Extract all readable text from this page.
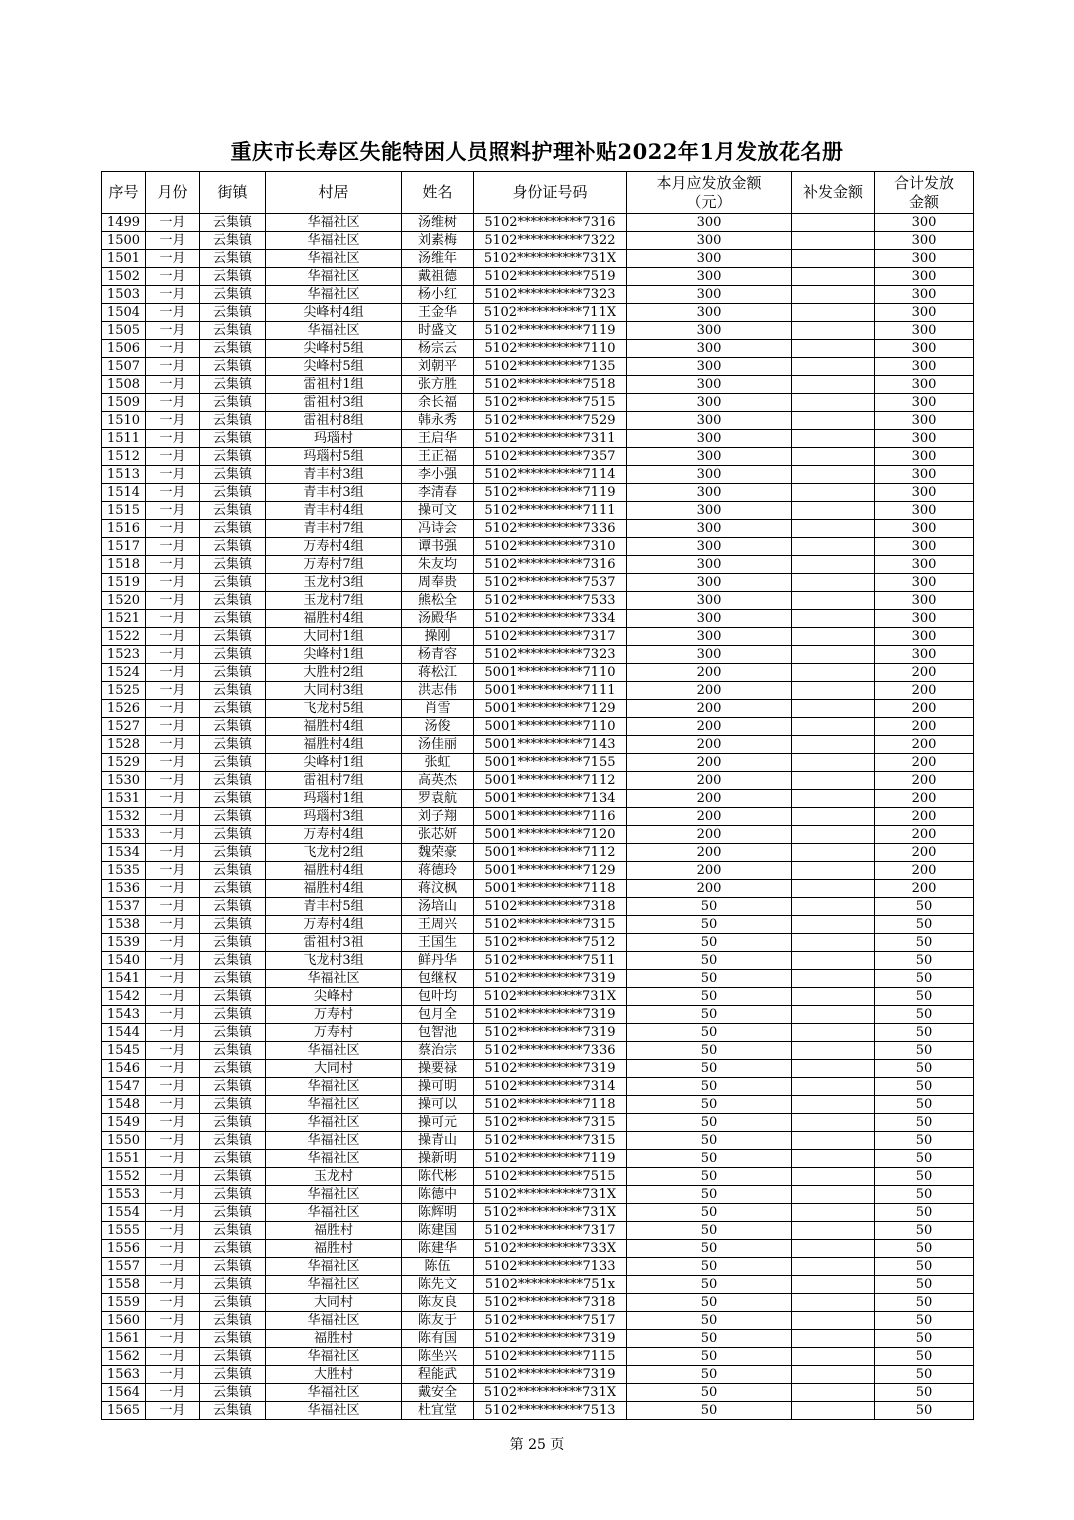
重庆市长寿区失能特困人员照料护理补贴2022年1月发放花名册
序号	月份	街镇	村居	姓名	身份证号码	本月应发放金额（元）	补发金额	合计发放金额
1499	一月	云集镇	华福社区	汤维树	5102**********7316	300		300
1500	一月	云集镇	华福社区	刘素梅	5102**********7322	300		300
1501	一月	云集镇	华福社区	汤维年	5102**********731X	300		300
1502	一月	云集镇	华福社区	戴祖德	5102**********7519	300		300
1503	一月	云集镇	华福社区	杨小红	5102**********7323	300		300
1504	一月	云集镇	尖峰村4组	王金华	5102**********711X	300		300
1505	一月	云集镇	华福社区	时盛文	5102**********7119	300		300
1506	一月	云集镇	尖峰村5组	杨宗云	5102**********7110	300		300
1507	一月	云集镇	尖峰村5组	刘朝平	5102**********7135	300		300
1508	一月	云集镇	雷祖村1组	张方胜	5102**********7518	300		300
1509	一月	云集镇	雷祖村3组	余长福	5102**********7515	300		300
1510	一月	云集镇	雷祖村8组	韩永秀	5102**********7529	300		300
1511	一月	云集镇	玛瑙村	王启华	5102**********7311	300		300
1512	一月	云集镇	玛瑙村5组	王正福	5102**********7357	300		300
1513	一月	云集镇	青丰村3组	李小强	5102**********7114	300		300
1514	一月	云集镇	青丰村3组	李清春	5102**********7119	300		300
1515	一月	云集镇	青丰村4组	操可文	5102**********7111	300		300
1516	一月	云集镇	青丰村7组	冯诗会	5102**********7336	300		300
1517	一月	云集镇	万寿村4组	谭书强	5102**********7310	300		300
1518	一月	云集镇	万寿村7组	朱友均	5102**********7316	300		300
1519	一月	云集镇	玉龙村3组	周奉贵	5102**********7537	300		300
1520	一月	云集镇	玉龙村7组	熊松全	5102**********7533	300		300
1521	一月	云集镇	福胜村4组	汤殿华	5102**********7334	300		300
1522	一月	云集镇	大同村1组	操刚	5102**********7317	300		300
1523	一月	云集镇	尖峰村1组	杨青容	5102**********7323	300		300
1524	一月	云集镇	大胜村2组	蒋松江	5001**********7110	200		200
1525	一月	云集镇	大同村3组	洪志伟	5001**********7111	200		200
1526	一月	云集镇	飞龙村5组	肖雪	5001**********7129	200		200
1527	一月	云集镇	福胜村4组	汤俊	5001**********7110	200		200
1528	一月	云集镇	福胜村4组	汤佳丽	5001**********7143	200		200
1529	一月	云集镇	尖峰村1组	张虹	5001**********7155	200		200
1530	一月	云集镇	雷祖村7组	高英杰	5001**********7112	200		200
1531	一月	云集镇	玛瑙村1组	罗袁航	5001**********7134	200		200
1532	一月	云集镇	玛瑙村3组	刘子翔	5001**********7116	200		200
1533	一月	云集镇	万寿村4组	张芯妍	5001**********7120	200		200
1534	一月	云集镇	飞龙村2组	魏荣豪	5001**********7112	200		200
1535	一月	云集镇	福胜村4组	蒋德玲	5001**********7129	200		200
1536	一月	云集镇	福胜村4组	蒋汶枫	5001**********7118	200		200
1537	一月	云集镇	青丰村5组	汤培山	5102**********7318	50		50
1538	一月	云集镇	万寿村4组	王周兴	5102**********7315	50		50
1539	一月	云集镇	雷祖村3祖	王国生	5102**********7512	50		50
1540	一月	云集镇	飞龙村3组	鲜丹华	5102**********7511	50		50
1541	一月	云集镇	华福社区	包继权	5102**********7319	50		50
1542	一月	云集镇	尖峰村	包叶均	5102**********731X	50		50
1543	一月	云集镇	万寿村	包月全	5102**********7319	50		50
1544	一月	云集镇	万寿村	包智池	5102**********7319	50		50
1545	一月	云集镇	华福社区	蔡治宗	5102**********7336	50		50
1546	一月	云集镇	大同村	操要禄	5102**********7319	50		50
1547	一月	云集镇	华福社区	操可明	5102**********7314	50		50
1548	一月	云集镇	华福社区	操可以	5102**********7118	50		50
1549	一月	云集镇	华福社区	操可元	5102**********7315	50		50
1550	一月	云集镇	华福社区	操青山	5102**********7315	50		50
1551	一月	云集镇	华福社区	操新明	5102**********7119	50		50
1552	一月	云集镇	玉龙村	陈代彬	5102**********7515	50		50
1553	一月	云集镇	华福社区	陈德中	5102**********731X	50		50
1554	一月	云集镇	华福社区	陈辉明	5102**********731X	50		50
1555	一月	云集镇	福胜村	陈建国	5102**********7317	50		50
1556	一月	云集镇	福胜村	陈建华	5102**********733X	50		50
1557	一月	云集镇	华福社区	陈伍	5102**********7133	50		50
1558	一月	云集镇	华福社区	陈先文	5102**********751x	50		50
1559	一月	云集镇	大同村	陈友良	5102**********7318	50		50
1560	一月	云集镇	华福社区	陈友于	5102**********7517	50		50
1561	一月	云集镇	福胜村	陈有国	5102**********7319	50		50
1562	一月	云集镇	华福社区	陈坐兴	5102**********7115	50		50
1563	一月	云集镇	大胜村	程能武	5102**********7319	50		50
1564	一月	云集镇	华福社区	戴安全	5102**********731X	50		50
1565	一月	云集镇	华福社区	杜宜堂	5102**********7513	50		50
第 25 页
